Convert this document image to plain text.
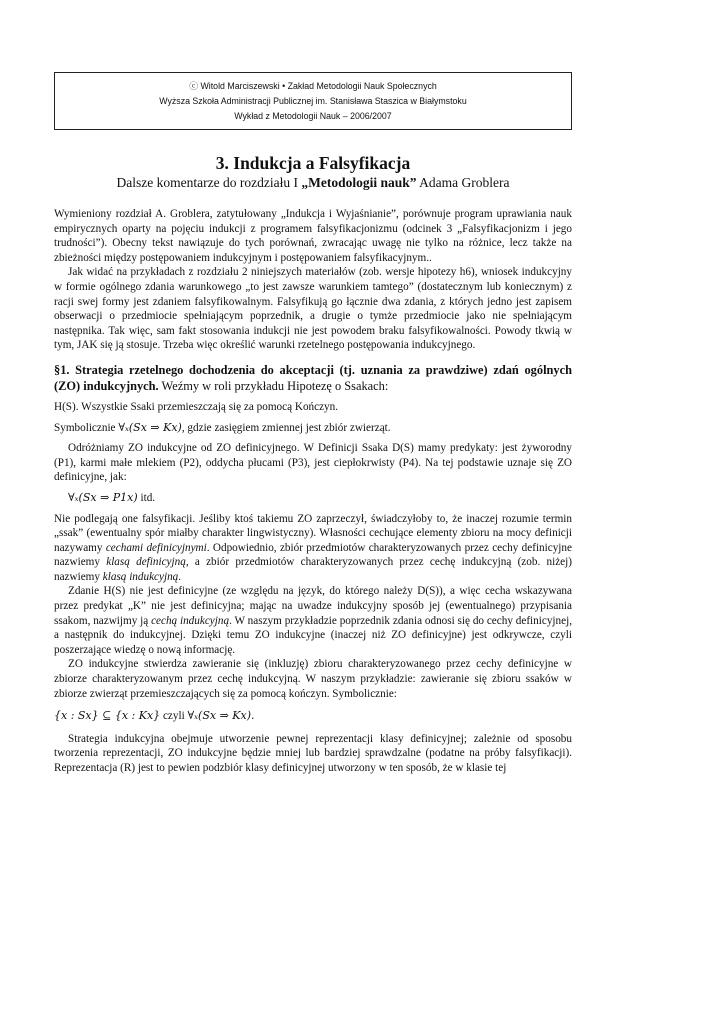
ⓒ Witold Marciszewski • Zakład Metodologii Nauk Społecznych
Wyższa Szkoła Administracji Publicznej im. Stanisława Staszica w Białymstoku
Wykład z Metodologii Nauk – 2006/2007
3. Indukcja a Falsyfikacja
Dalsze komentarze do rozdziału I „Metodologii nauk” Adama Groblera

Wymieniony rozdział A. Groblera, zatytułowany „Indukcja i Wyjaśnianie”, porównuje program uprawiania nauk empirycznych oparty na pojęciu indukcji z programem falsyfikacjonizmu (odcinek 3 „Falsyfikacjonizm i jego trudności”). Obecny tekst nawiązuje do tych porównań, zwracając uwagę nie tylko na różnice, lecz także na zbieżności między postępowaniem indukcyjnym i postępowaniem falsyfikacyjnym..

Jak widać na przykładach z rozdziału 2 niniejszych materiałów (zob. wersje hipotezy h6), wniosek indukcyjny w formie ogólnego zdania warunkowego „to jest zawsze warunkiem tamtego” (dostatecznym lub koniecznym) z racji swej formy jest zdaniem falsyfikowalnym. Falsyfikują go łącznie dwa zdania, z których jedno jest zapisem obserwacji o przedmiocie spełniającym poprzednik, a drugie o tymże przedmiocie jako nie spełniającym następnika. Tak więc, sam fakt stosowania indukcji nie jest powodem braku falsyfikowalności. Powody tkwią w tym, JAK się ją stosuje. Trzeba więc określić warunki rzetelnego postępowania indukcyjnego.

§1. Strategia rzetelnego dochodzenia do akceptacji (tj. uznania za prawdziwe) zdań ogólnych (ZO) indukcyjnych. Weźmy w roli przykładu Hipotezę o Ssakach:

H(S). Wszystkie Ssaki przemieszczają się za pomocą Kończyn.

Symbolicznie ∀ₓ(Sx ⇒ Kx), gdzie zasięgiem zmiennej jest zbiór zwierząt.

Odróżniamy ZO indukcyjne od ZO definicyjnego. W Definicji Ssaka D(S) mamy predykaty: jest żyworodny (P1), karmi małe mlekiem (P2), oddycha płucami (P3), jest ciepłokrwisty (P4). Na tej podstawie uznaje się ZO definicyjne, jak:

∀ₓ(Sx ⇒ P1x) itd.

Nie podlegają one falsyfikacji. Jeśliby ktoś takiemu ZO zaprzeczył, świadczyłoby to, że inaczej rozumie termin „ssak” (ewentualny spór miałby charakter lingwistyczny). Własności cechujące elementy zbioru na mocy definicji nazywamy cechami definicyjnymi. Odpowiednio, zbiór przedmiotów charakteryzowanych przez cechy definicyjne nazwiemy klasą definicyjną, a zbiór przedmiotów charakteryzowanych przez cechę indukcyjną (zob. niżej) nazwiemy klasą indukcyjną.

Zdanie H(S) nie jest definicyjne (ze względu na język, do którego należy D(S)), a więc cecha wskazywana przez predykat „K” nie jest definicyjna; mając na uwadze indukcyjny sposób jej (ewentualnego) przypisania ssakom, nazwijmy ją cechą indukcyjną. W naszym przykładzie poprzednik zdania odnosi się do cechy definicyjnej, a następnik do indukcyjnej. Dzięki temu ZO indukcyjne (inaczej niż ZO definicyjne) jest odkrywcze, czyli poszerzające wiedzę o nową informację.

ZO indukcyjne stwierdza zawieranie się (inkluzję) zbioru charakteryzowanego przez cechy definicyjne w zbiorze charakteryzowanym przez cechę indukcyjną. W naszym przykładzie: zawieranie się zbioru ssaków w zbiorze zwierząt przemieszczających się za pomocą kończyn. Symbolicznie:

{x : Sx} ⊆ {x : Kx} czyli ∀ₓ(Sx ⇒ Kx).

Strategia indukcyjna obejmuje utworzenie pewnej reprezentacji klasy definicyjnej; zależnie od sposobu tworzenia reprezentacji, ZO indukcyjne będzie mniej lub bardziej sprawdzalne (podatne na próby falsyfikacji). Reprezentacja (R) jest to pewien podzbiór klasy definicyjnej utworzony w ten sposób, że w klasie tej
